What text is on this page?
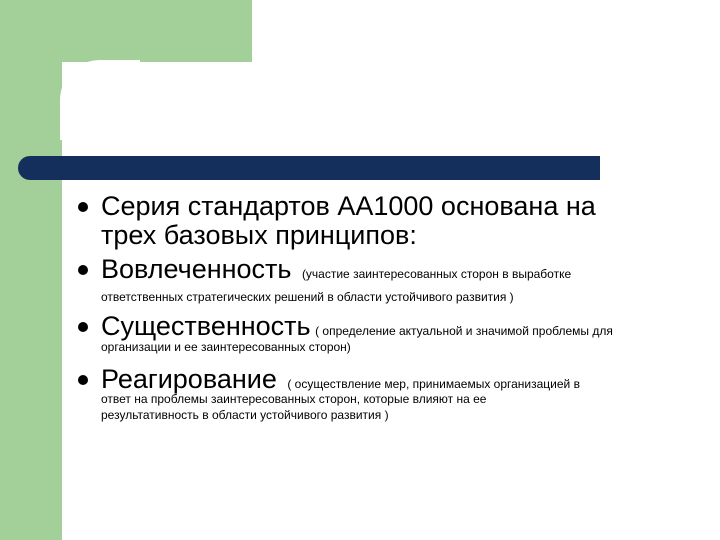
Серия стандартов АА1000 основана на
трех базовых принципов:
Вовлеченность (участие заинтересованных сторон в выработке
ответственных стратегических решений в области устойчивого развития )
Существенность ( определение актуальной и значимой проблемы для
организации и ее заинтересованных сторон)
Реагирование ( осуществление мер, принимаемых организацией в
ответ на проблемы заинтересованных сторон, которые влияют на ее
результативность в области устойчивого развития )
